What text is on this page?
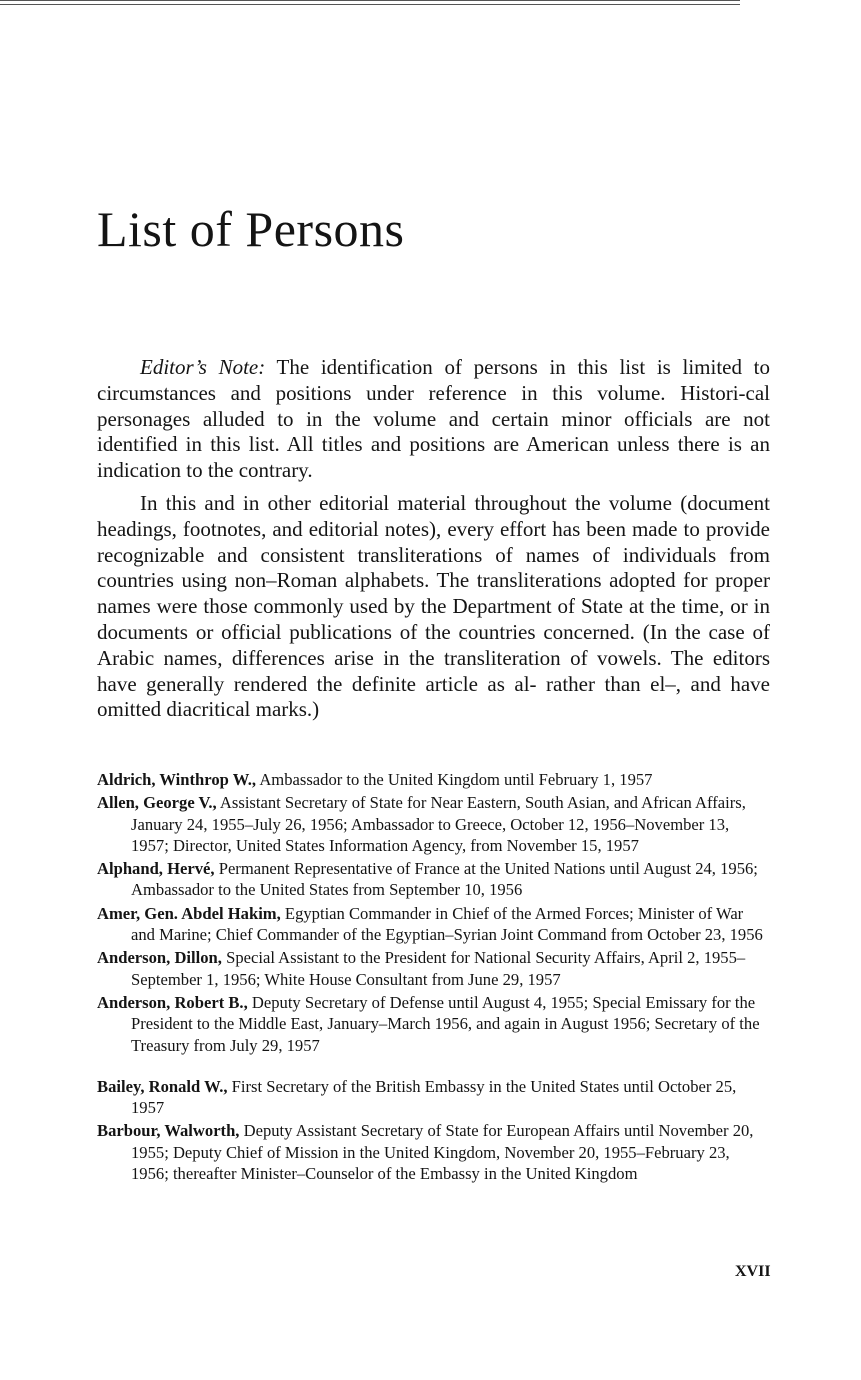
List of Persons

Editor’s Note: The identification of persons in this list is limited to circumstances and positions under reference in this volume. Histori-cal personages alluded to in the volume and certain minor officials are not identified in this list. All titles and positions are American unless there is an indication to the contrary.

In this and in other editorial material throughout the volume (document headings, footnotes, and editorial notes), every effort has been made to provide recognizable and consistent transliterations of names of individuals from countries using non–Roman alphabets. The transliterations adopted for proper names were those commonly used by the Department of State at the time, or in documents or official publications of the countries concerned. (In the case of Arabic names, differences arise in the transliteration of vowels. The editors have generally rendered the definite article as al- rather than el–, and have omitted diacritical marks.)

Aldrich, Winthrop W., Ambassador to the United Kingdom until February 1, 1957
Allen, George V., Assistant Secretary of State for Near Eastern, South Asian, and African Affairs, January 24, 1955–July 26, 1956; Ambassador to Greece, October 12, 1956–November 13, 1957; Director, United States Information Agency, from November 15, 1957
Alphand, Hervé, Permanent Representative of France at the United Nations until August 24, 1956; Ambassador to the United States from September 10, 1956
Amer, Gen. Abdel Hakim, Egyptian Commander in Chief of the Armed Forces; Minister of War and Marine; Chief Commander of the Egyptian–Syrian Joint Command from October 23, 1956
Anderson, Dillon, Special Assistant to the President for National Security Affairs, April 2, 1955–September 1, 1956; White House Consultant from June 29, 1957
Anderson, Robert B., Deputy Secretary of Defense until August 4, 1955; Special Emissary for the President to the Middle East, January–March 1956, and again in August 1956; Secretary of the Treasury from July 29, 1957
Bailey, Ronald W., First Secretary of the British Embassy in the United States until October 25, 1957
Barbour, Walworth, Deputy Assistant Secretary of State for European Affairs until November 20, 1955; Deputy Chief of Mission in the United Kingdom, November 20, 1955–February 23, 1956; thereafter Minister–Counselor of the Embassy in the United Kingdom
XVII
